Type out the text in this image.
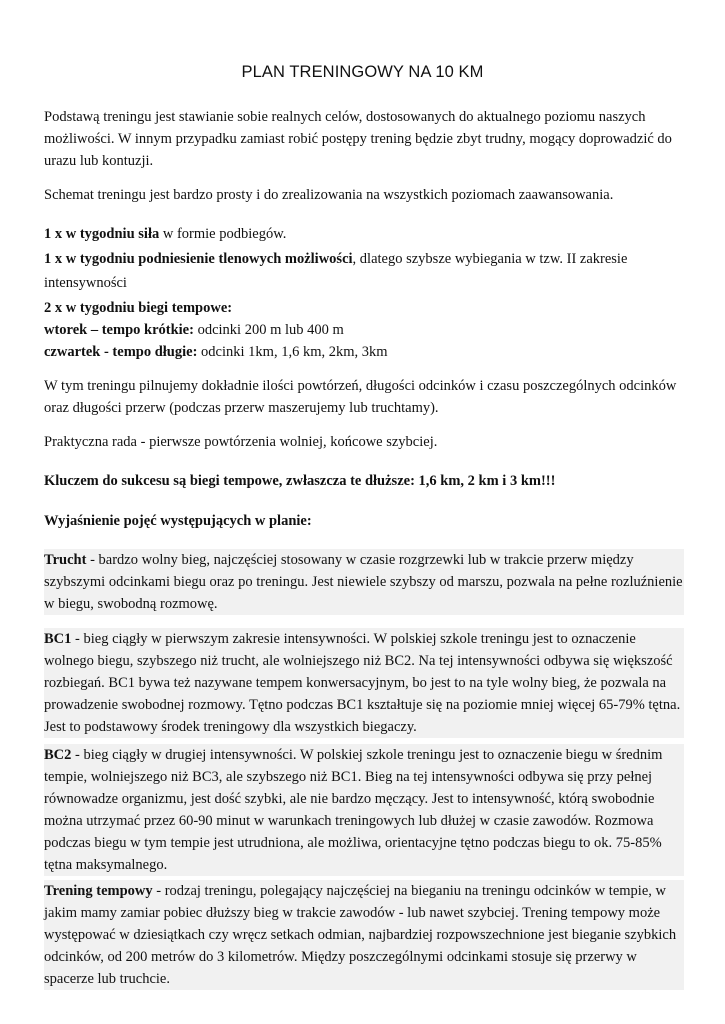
PLAN TRENINGOWY NA 10 KM

Podstawą treningu jest stawianie sobie realnych celów, dostosowanych do aktualnego poziomu naszych możliwości. W innym przypadku zamiast robić postępy trening będzie zbyt trudny, mogący doprowadzić do urazu lub kontuzji.

Schemat treningu jest bardzo prosty i do zrealizowania na wszystkich poziomach zaawansowania.

1 x w tygodniu siła w formie podbiegów.

1 x w tygodniu podniesienie tlenowych możliwości, dlatego szybsze wybiegania w tzw. II zakresie intensywności

2 x w tygodniu biegi tempowe:

wtorek – tempo krótkie: odcinki 200 m lub 400 m

czwartek - tempo długie: odcinki 1km, 1,6 km, 2km, 3km

W tym treningu pilnujemy dokładnie ilości powtórzeń, długości odcinków i czasu poszczególnych odcinków oraz długości przerw (podczas przerw maszerujemy lub truchtamy).

Praktyczna rada - pierwsze powtórzenia wolniej, końcowe szybciej.

Kluczem do sukcesu są biegi tempowe, zwłaszcza te dłuższe: 1,6 km, 2 km i 3 km!!!

Wyjaśnienie pojęć występujących w planie:

Trucht - bardzo wolny bieg, najczęściej stosowany w czasie rozgrzewki lub w trakcie przerw między szybszymi odcinkami biegu oraz po treningu. Jest niewiele szybszy od marszu, pozwala na pełne rozluźnienie w biegu, swobodną rozmowę.

BC1 - bieg ciągły w pierwszym zakresie intensywności. W polskiej szkole treningu jest to oznaczenie wolnego biegu, szybszego niż trucht, ale wolniejszego niż BC2. Na tej intensywności odbywa się większość rozbiegań. BC1 bywa też nazywane tempem konwersacyjnym, bo jest to na tyle wolny bieg, że pozwala na prowadzenie swobodnej rozmowy. Tętno podczas BC1 kształtuje się na poziomie mniej więcej 65-79% tętna. Jest to podstawowy środek treningowy dla wszystkich biegaczy.

BC2 - bieg ciągły w drugiej intensywności. W polskiej szkole treningu jest to oznaczenie biegu w średnim tempie, wolniejszego niż BC3, ale szybszego niż BC1. Bieg na tej intensywności odbywa się przy pełnej równowadze organizmu, jest dość szybki, ale nie bardzo męczący. Jest to intensywność, którą swobodnie można utrzymać przez 60-90 minut w warunkach treningowych lub dłużej w czasie zawodów. Rozmowa podczas biegu w tym tempie jest utrudniona, ale możliwa, orientacyjne tętno podczas biegu to ok. 75-85% tętna maksymalnego.

Trening tempowy - rodzaj treningu, polegający najczęściej na bieganiu na treningu odcinków w tempie, w jakim mamy zamiar pobiec dłuższy bieg w trakcie zawodów - lub nawet szybciej. Trening tempowy może występować w dziesiątkach czy wręcz setkach odmian, najbardziej rozpowszechnione jest bieganie szybkich odcinków, od 200 metrów do 3 kilometrów. Między poszczególnymi odcinkami stosuje się przerwy w spacerze lub truchcie.
